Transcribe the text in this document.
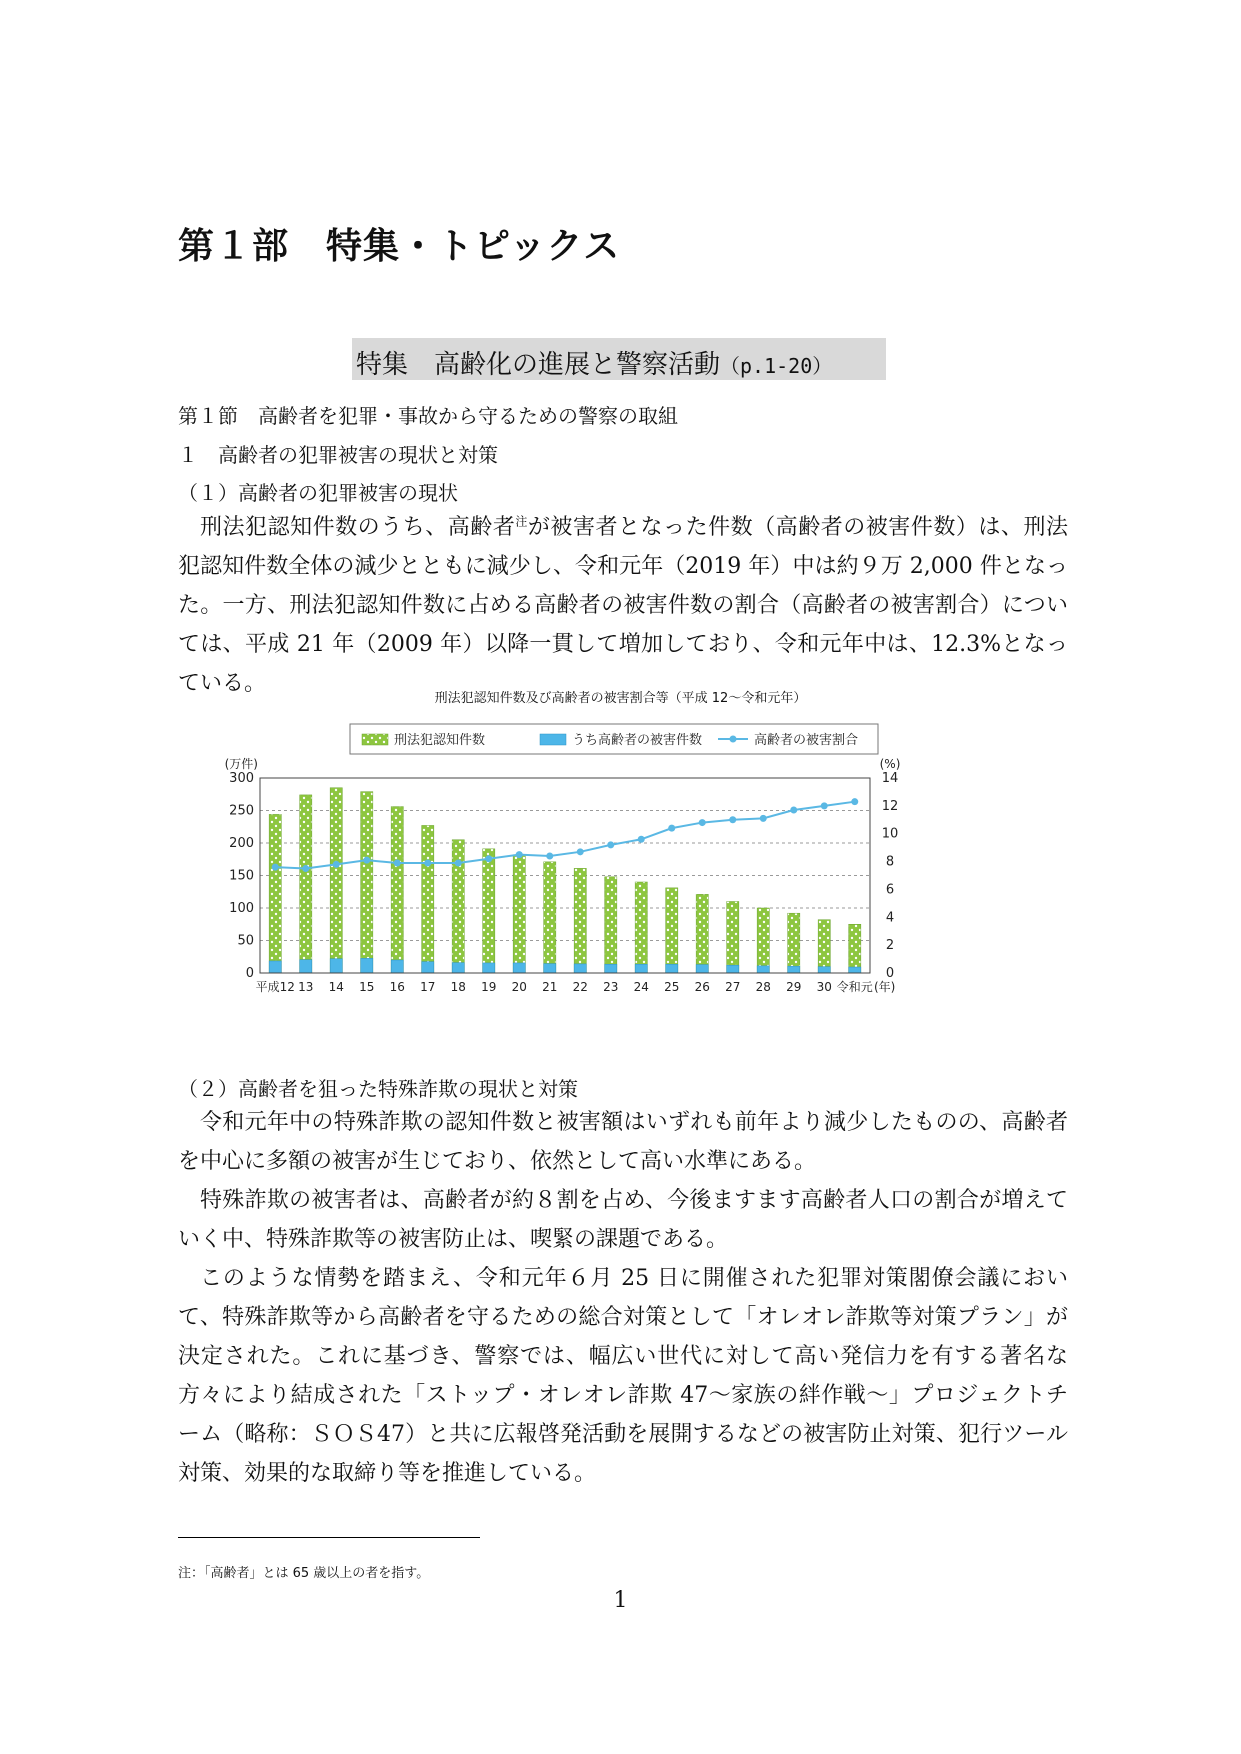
第１部　特集・トピックス
特集　高齢化の進展と警察活動（p.1-20）
第１節　高齢者を犯罪・事故から守るための警察の取組
１　高齢者の犯罪被害の現状と対策
（１）高齢者の犯罪被害の現状

刑法犯認知件数のうち、高齢者$^注$が被害者となった件数（高齢者の被害件数）は、刑法犯認知件数全体の減少とともに減少し、令和元年（2019 年）中は約９万 2,000 件となった。一方、刑法犯認知件数に占める高齢者の被害件数の割合（高齢者の被害割合）については、平成 21 年（2009 年）以降一貫して増加しており、令和元年中は、12.3%となっている。

刑法犯認知件数及び高齢者の被害割合等（平成 12～令和元年）
0
50
100
150
200
250
300
0
2
4
6
8
10
12
14
平成12 13 14 15 16 17 18 19 20 21 22 23 24 25 26 27 28 29 30 令和元 (年)
(万件)	(%)
刑法犯認知件数	うち高齢者の被害件数	高齢者の被害割合
（２）高齢者を狙った特殊詐欺の現状と対策

令和元年中の特殊詐欺の認知件数と被害額はいずれも前年より減少したものの、高齢者を中心に多額の被害が生じており、依然として高い水準にある。

特殊詐欺の被害者は、高齢者が約８割を占め、今後ますます高齢者人口の割合が増えていく中、特殊詐欺等の被害防止は、喫緊の課題である。

このような情勢を踏まえ、令和元年６月 25 日に開催された犯罪対策閣僚会議において、特殊詐欺等から高齢者を守るための総合対策として「オレオレ詐欺等対策プラン」が決定された。これに基づき、警察では、幅広い世代に対して高い発信力を有する著名な方々により結成された「ストップ・オレオレ詐欺 47～家族の絆作戦～」プロジェクトチーム（略称：ＳＯＳ47）と共に広報啓発活動を展開するなどの被害防止対策、犯行ツール対策、効果的な取締り等を推進している。

注：「高齢者」とは 65 歳以上の者を指す。
1
